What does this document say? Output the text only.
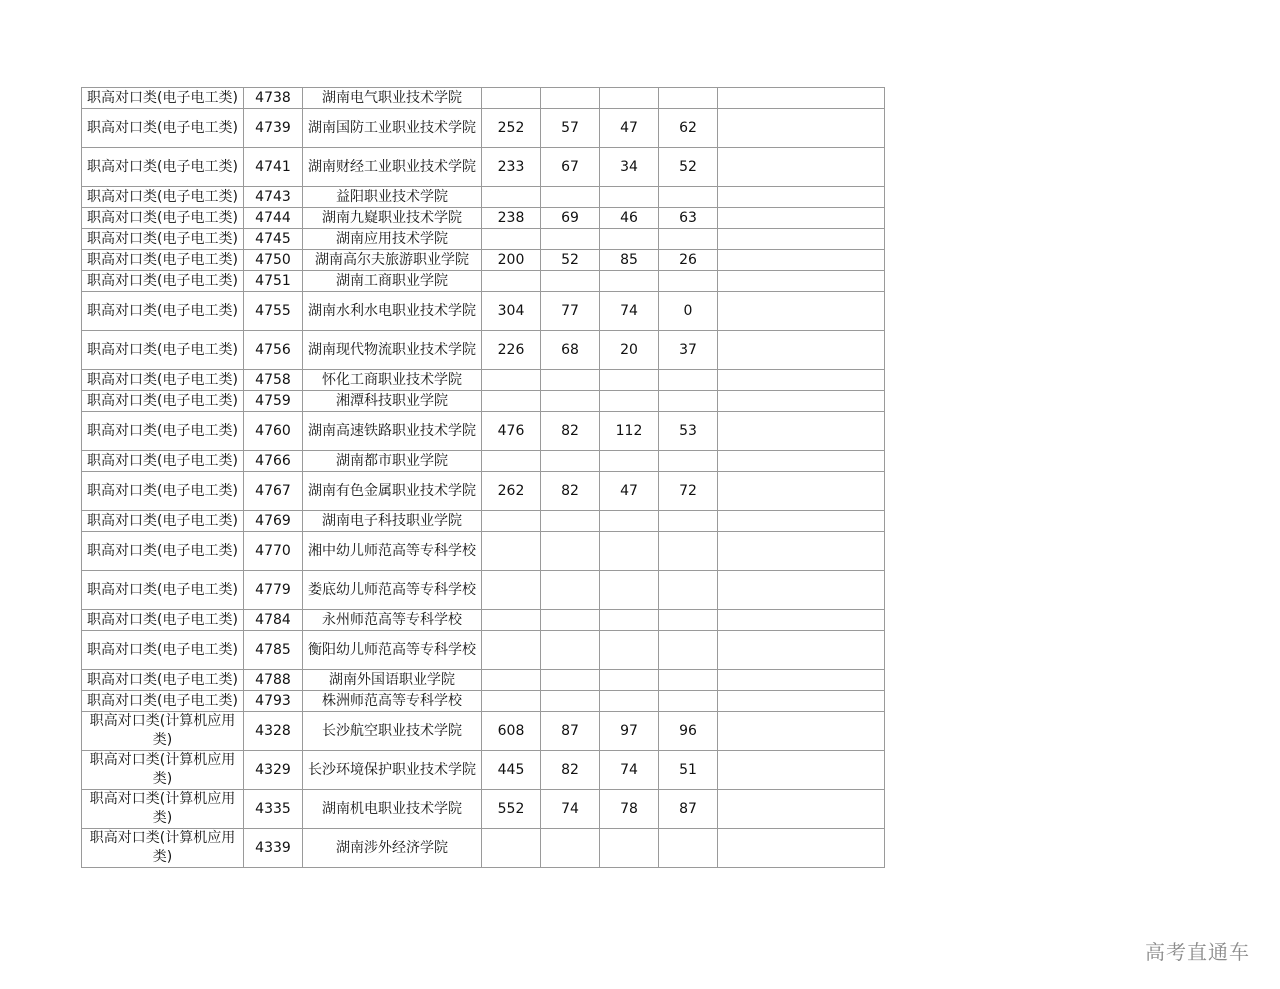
职高对口类(电子电工类)	4738	湖南电气职业技术学院					
职高对口类(电子电工类)	4739	湖南国防工业职业技术学院	252	57	47	62	
职高对口类(电子电工类)	4741	湖南财经工业职业技术学院	233	67	34	52	
职高对口类(电子电工类)	4743	益阳职业技术学院					
职高对口类(电子电工类)	4744	湖南九嶷职业技术学院	238	69	46	63	
职高对口类(电子电工类)	4745	湖南应用技术学院					
职高对口类(电子电工类)	4750	湖南高尔夫旅游职业学院	200	52	85	26	
职高对口类(电子电工类)	4751	湖南工商职业学院					
职高对口类(电子电工类)	4755	湖南水利水电职业技术学院	304	77	74	0	
职高对口类(电子电工类)	4756	湖南现代物流职业技术学院	226	68	20	37	
职高对口类(电子电工类)	4758	怀化工商职业技术学院					
职高对口类(电子电工类)	4759	湘潭科技职业学院					
职高对口类(电子电工类)	4760	湖南高速铁路职业技术学院	476	82	112	53	
职高对口类(电子电工类)	4766	湖南都市职业学院					
职高对口类(电子电工类)	4767	湖南有色金属职业技术学院	262	82	47	72	
职高对口类(电子电工类)	4769	湖南电子科技职业学院					
职高对口类(电子电工类)	4770	湘中幼儿师范高等专科学校					
职高对口类(电子电工类)	4779	娄底幼儿师范高等专科学校					
职高对口类(电子电工类)	4784	永州师范高等专科学校					
职高对口类(电子电工类)	4785	衡阳幼儿师范高等专科学校					
职高对口类(电子电工类)	4788	湖南外国语职业学院					
职高对口类(电子电工类)	4793	株洲师范高等专科学校					
职高对口类(计算机应用类)	4328	长沙航空职业技术学院	608	87	97	96	
职高对口类(计算机应用类)	4329	长沙环境保护职业技术学院	445	82	74	51	
职高对口类(计算机应用类)	4335	湖南机电职业技术学院	552	74	78	87	
职高对口类(计算机应用类)	4339	湖南涉外经济学院					
高考直通车
